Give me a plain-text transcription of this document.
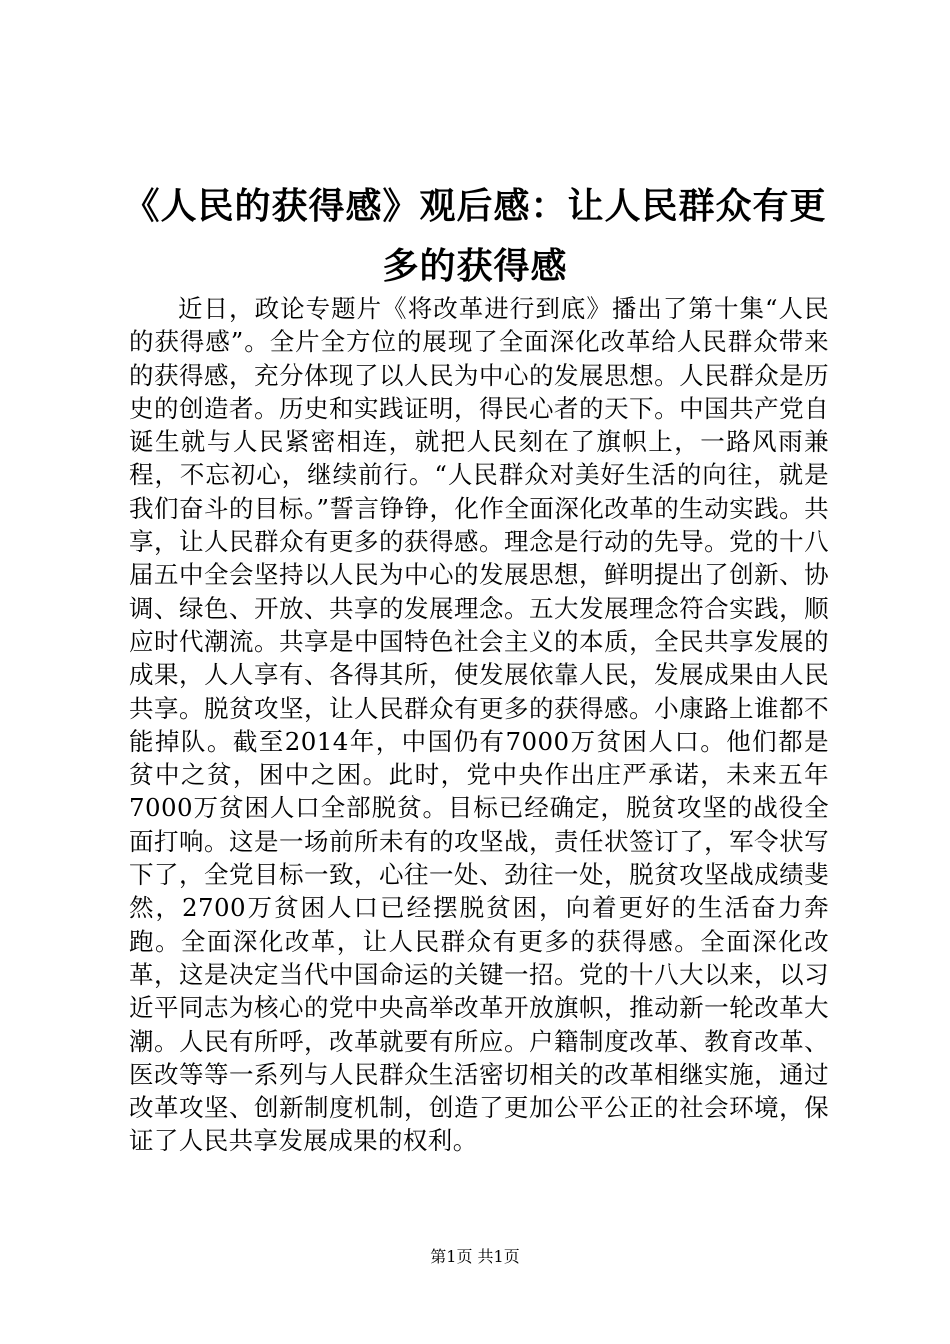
《人民的获得感》观后感：让人民群众有更多的获得感

近日，政论专题片《将改革进行到底》播出了第十集“人民的获得感”。全片全方位的展现了全面深化改革给人民群众带来的获得感，充分体现了以人民为中心的发展思想。人民群众是历史的创造者。历史和实践证明，得民心者的天下。中国共产党自诞生就与人民紧密相连，就把人民刻在了旗帜上，一路风雨兼程，不忘初心，继续前行。“人民群众对美好生活的向往，就是我们奋斗的目标。”誓言铮铮，化作全面深化改革的生动实践。共享，让人民群众有更多的获得感。理念是行动的先导。党的十八届五中全会坚持以人民为中心的发展思想，鲜明提出了创新、协调、绿色、开放、共享的发展理念。五大发展理念符合实践，顺应时代潮流。共享是中国特色社会主义的本质，全民共享发展的成果，人人享有、各得其所，使发展依靠人民，发展成果由人民共享。脱贫攻坚，让人民群众有更多的获得感。小康路上谁都不能掉队。截至2014年，中国仍有7000万贫困人口。他们都是贫中之贫，困中之困。此时，党中央作出庄严承诺，未来五年7000万贫困人口全部脱贫。目标已经确定，脱贫攻坚的战役全面打响。这是一场前所未有的攻坚战，责任状签订了，军令状写下了，全党目标一致，心往一处、劲往一处，脱贫攻坚战成绩斐然，2700万贫困人口已经摆脱贫困，向着更好的生活奋力奔跑。全面深化改革，让人民群众有更多的获得感。全面深化改革，这是决定当代中国命运的关键一招。党的十八大以来，以习近平同志为核心的党中央高举改革开放旗帜，推动新一轮改革大潮。人民有所呼，改革就要有所应。户籍制度改革、教育改革、医改等等一系列与人民群众生活密切相关的改革相继实施，通过改革攻坚、创新制度机制，创造了更加公平公正的社会环境，保证了人民共享发展成果的权利。

第1页 共1页
